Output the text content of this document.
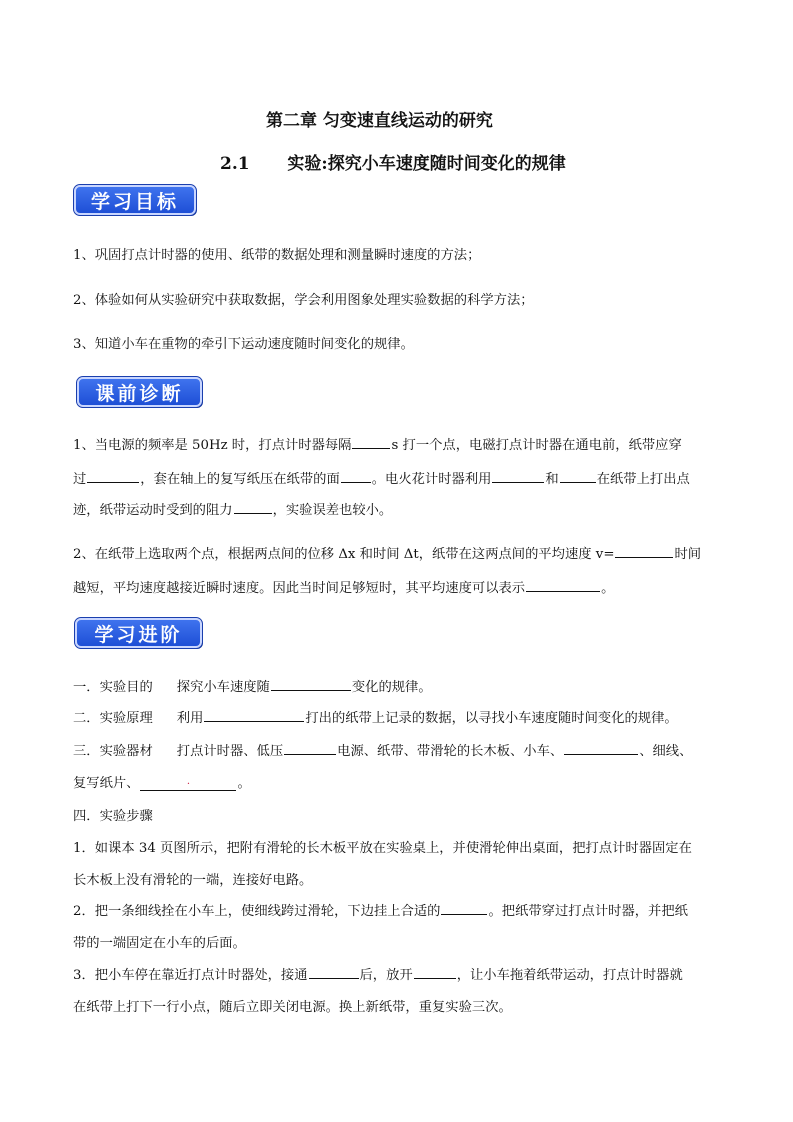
第二章 匀变速直线运动的研究
2.1 实验:探究小车速度随时间变化的规律
学习目标
1、巩固打点计时器的使用、纸带的数据处理和测量瞬时速度的方法；
2、体验如何从实验研究中获取数据，学会利用图象处理实验数据的科学方法；
3、知道小车在重物的牵引下运动速度随时间变化的规律。
课前诊断
1、当电源的频率是 50Hz 时，打点计时器每隔	s 打一个点，电磁打点计时器在通电前，纸带应穿
过	，套在轴上的复写纸压在纸带的面 。电火花计时器利用	和	在纸带上打出点
迹，纸带运动时受到的阻力	，实验误差也较小。
2、在纸带上选取两个点，根据两点间的位移 Δx 和时间 Δt，纸带在这两点间的平均速度 v=	时间
越短，平均速度越接近瞬时速度。因此当时间足够短时，其平均速度可以表示	。
学习进阶
一．实验目的 探究小车速度随	变化的规律。
二．实验原理 利用	打出的纸带上记录的数据，以寻找小车速度随时间变化的规律。
三．实验器材 打点计时器、低压	电源、纸带、带滑轮的长木板、小车、	、细线、
复写纸片、	·	。
四．实验步骤
1．如课本 34 页图所示，把附有滑轮的长木板平放在实验桌上，并使滑轮伸出桌面，把打点计时器固定在
长木板上没有滑轮的一端，连接好电路。
2．把一条细线拴在小车上，使细线跨过滑轮，下边挂上合适的	。把纸带穿过打点计时器，并把纸
带的一端固定在小车的后面。
3．把小车停在靠近打点计时器处，接通	后，放开	，让小车拖着纸带运动，打点计时器就
在纸带上打下一行小点，随后立即关闭电源。换上新纸带，重复实验三次。
